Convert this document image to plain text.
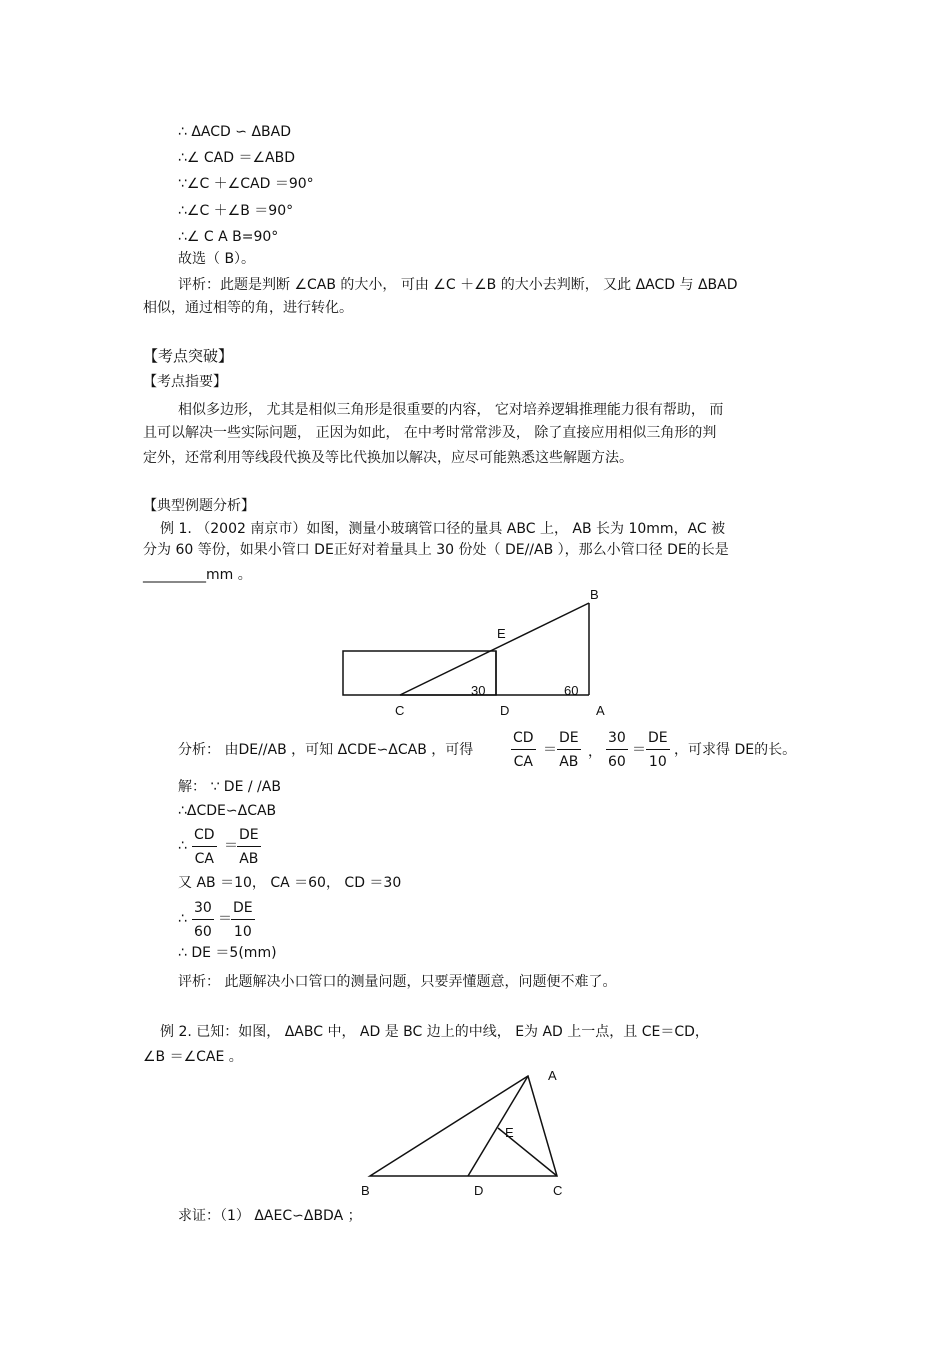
∴ ΔACD ∽ ΔBAD
∴∠ CAD ＝∠ABD
∵∠C ＋∠CAD ＝90°
∴∠C ＋∠B ＝90°
∴∠ C A B=90°
故选（ B）。
评析：此题是判断 ∠CAB 的大小， 可由 ∠C ＋∠B 的大小去判断， 又此 ΔACD 与 ΔBAD
相似，通过相等的角，进行转化。
【考点突破】
【考点指要】
相似多边形， 尤其是相似三角形是很重要的内容， 它对培养逻辑推理能力很有帮助， 而
且可以解决一些实际问题， 正因为如此， 在中考时常常涉及， 除了直接应用相似三角形的判
定外，还常利用等线段代换及等比代换加以解决，应尽可能熟悉这些解题方法。
【典型例题分析】
例 1. （2002 南京市）如图，测量小玻璃管口径的量具 ABC 上， AB 长为 10mm，AC 被
分为 60 等份，如果小管口 DE正好对着量具上 30 份处（ DE//AB ），那么小管口径 DE的长是
_________mm 。
B
E
C	D	A
30	60
分析： 由DE//AB ，可知 ΔCDE∽ΔCAB ，可得	$\frac{CD}{CA} = \frac{DE}{AB}$ ， $\frac{30}{60} = \frac{DE}{10}$ ，可求得 DE的长。
解： ∵ DE / /AB
∴ΔCDE∽ΔCAB
∴ $\frac{CD}{CA} = \frac{DE}{AB}$
又 AB ＝10， CA ＝60， CD ＝30
∴ $\frac{30}{60} = \frac{DE}{10}$
∴ DE ＝5(mm)
评析： 此题解决小口管口的测量问题，只要弄懂题意，问题便不难了。
例 2. 已知：如图， ΔABC 中， AD 是 BC 边上的中线， E为 AD 上一点，且 CE＝CD，
∠B ＝∠CAE 。
A
E
B	D	C
求证：（1） ΔAEC∽ΔBDA ；
